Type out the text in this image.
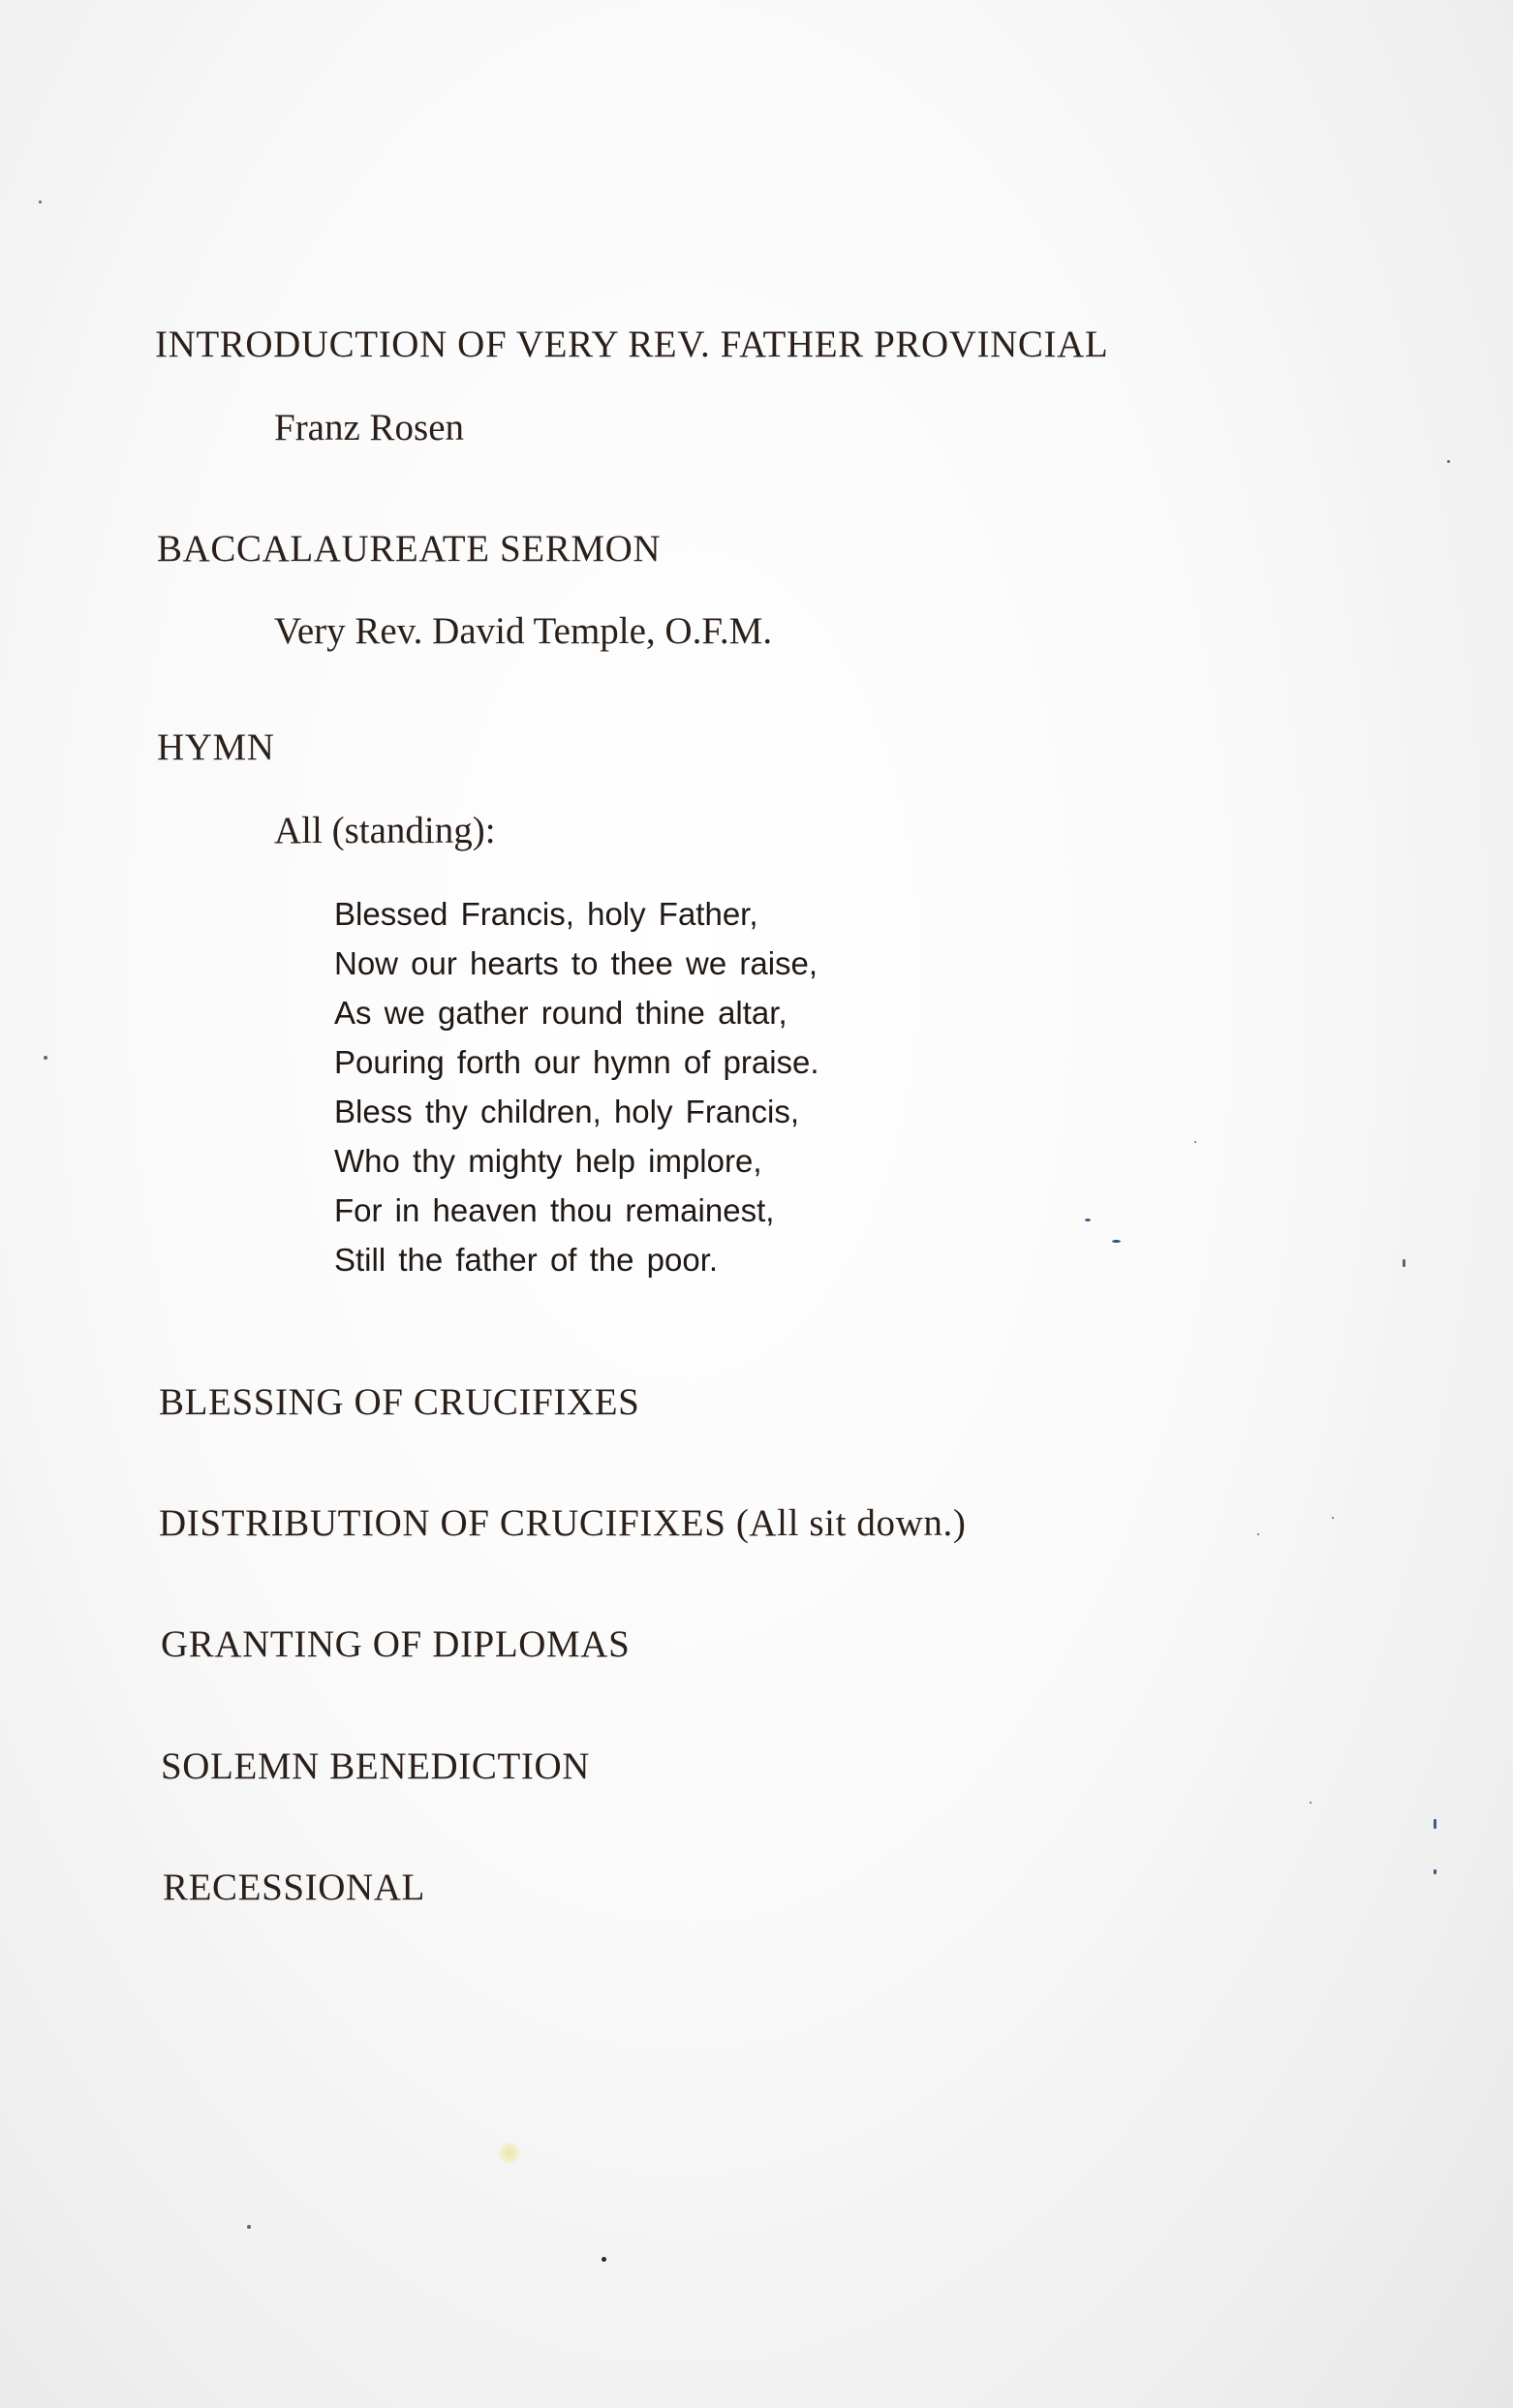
INTRODUCTION OF VERY REV. FATHER PROVINCIAL
Franz Rosen
BACCALAUREATE SERMON
Very Rev. David Temple, O.F.M.
HYMN
All (standing):
Blessed Francis, holy Father,
Now our hearts to thee we raise,
As we gather round thine altar,
Pouring forth our hymn of praise.
Bless thy children, holy Francis,
Who thy mighty help implore,
For in heaven thou remainest,
Still the father of the poor.
BLESSING OF CRUCIFIXES
DISTRIBUTION OF CRUCIFIXES (All sit down.)
GRANTING OF DIPLOMAS
SOLEMN BENEDICTION
RECESSIONAL
